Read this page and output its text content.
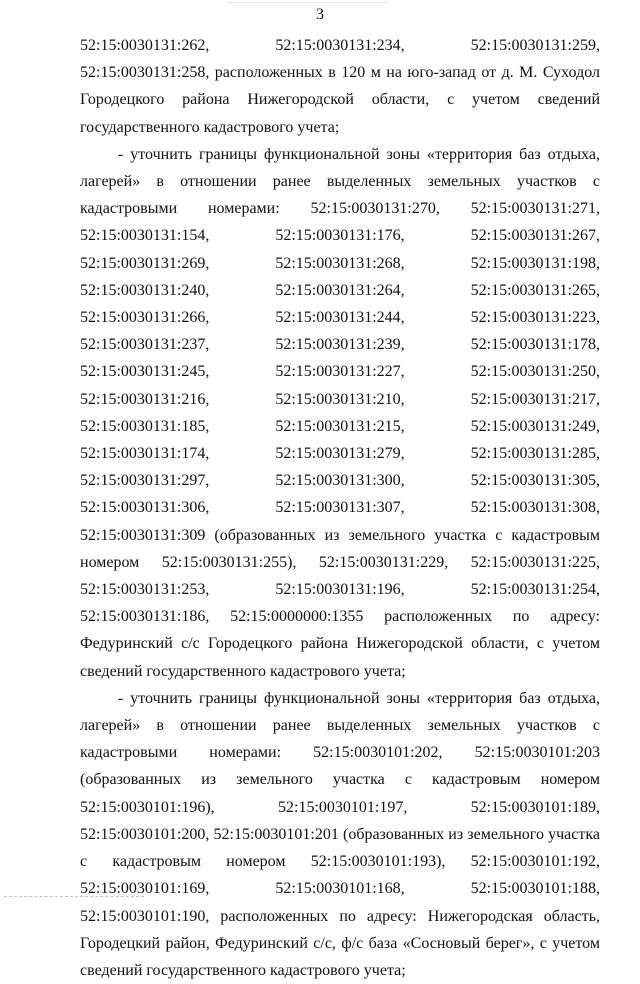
3

52:15:0030131:262, 52:15:0030131:234, 52:15:0030131:259, 52:15:0030131:258, расположенных в 120 м на юго-запад от д. М. Суходол Городецкого района Нижегородской области, с учетом сведений государственного кадастрового учета;

- уточнить границы функциональной зоны «территория баз отдыха, лагерей» в отношении ранее выделенных земельных участков с кадастровыми номерами: 52:15:0030131:270, 52:15:0030131:271, 52:15:0030131:154, 52:15:0030131:176, 52:15:0030131:267, 52:15:0030131:269, 52:15:0030131:268, 52:15:0030131:198, 52:15:0030131:240, 52:15:0030131:264, 52:15:0030131:265, 52:15:0030131:266, 52:15:0030131:244, 52:15:0030131:223, 52:15:0030131:237, 52:15:0030131:239, 52:15:0030131:178, 52:15:0030131:245, 52:15:0030131:227, 52:15:0030131:250, 52:15:0030131:216, 52:15:0030131:210, 52:15:0030131:217, 52:15:0030131:185, 52:15:0030131:215, 52:15:0030131:249, 52:15:0030131:174, 52:15:0030131:279, 52:15:0030131:285, 52:15:0030131:297, 52:15:0030131:300, 52:15:0030131:305, 52:15:0030131:306, 52:15:0030131:307, 52:15:0030131:308, 52:15:0030131:309 (образованных из земельного участка с кадастровым номером 52:15:0030131:255), 52:15:0030131:229, 52:15:0030131:225, 52:15:0030131:253, 52:15:0030131:196, 52:15:0030131:254, 52:15:0030131:186, 52:15:0000000:1355 расположенных по адресу: Федуринский с/с Городецкого района Нижегородской области, с учетом сведений государственного кадастрового учета;

- уточнить границы функциональной зоны «территория баз отдыха, лагерей» в отношении ранее выделенных земельных участков с кадастровыми номерами: 52:15:0030101:202, 52:15:0030101:203 (образованных из земельного участка с кадастровым номером 52:15:0030101:196), 52:15:0030101:197, 52:15:0030101:189, 52:15:0030101:200, 52:15:0030101:201 (образованных из земельного участка с кадастровым номером 52:15:0030101:193), 52:15:0030101:192, 52:15:0030101:169, 52:15:0030101:168, 52:15:0030101:188, 52:15:0030101:190, расположенных по адресу: Нижегородская область, Городецкий район, Федуринский с/с, ф/с база «Сосновый берег», с учетом сведений государственного кадастрового учета;
